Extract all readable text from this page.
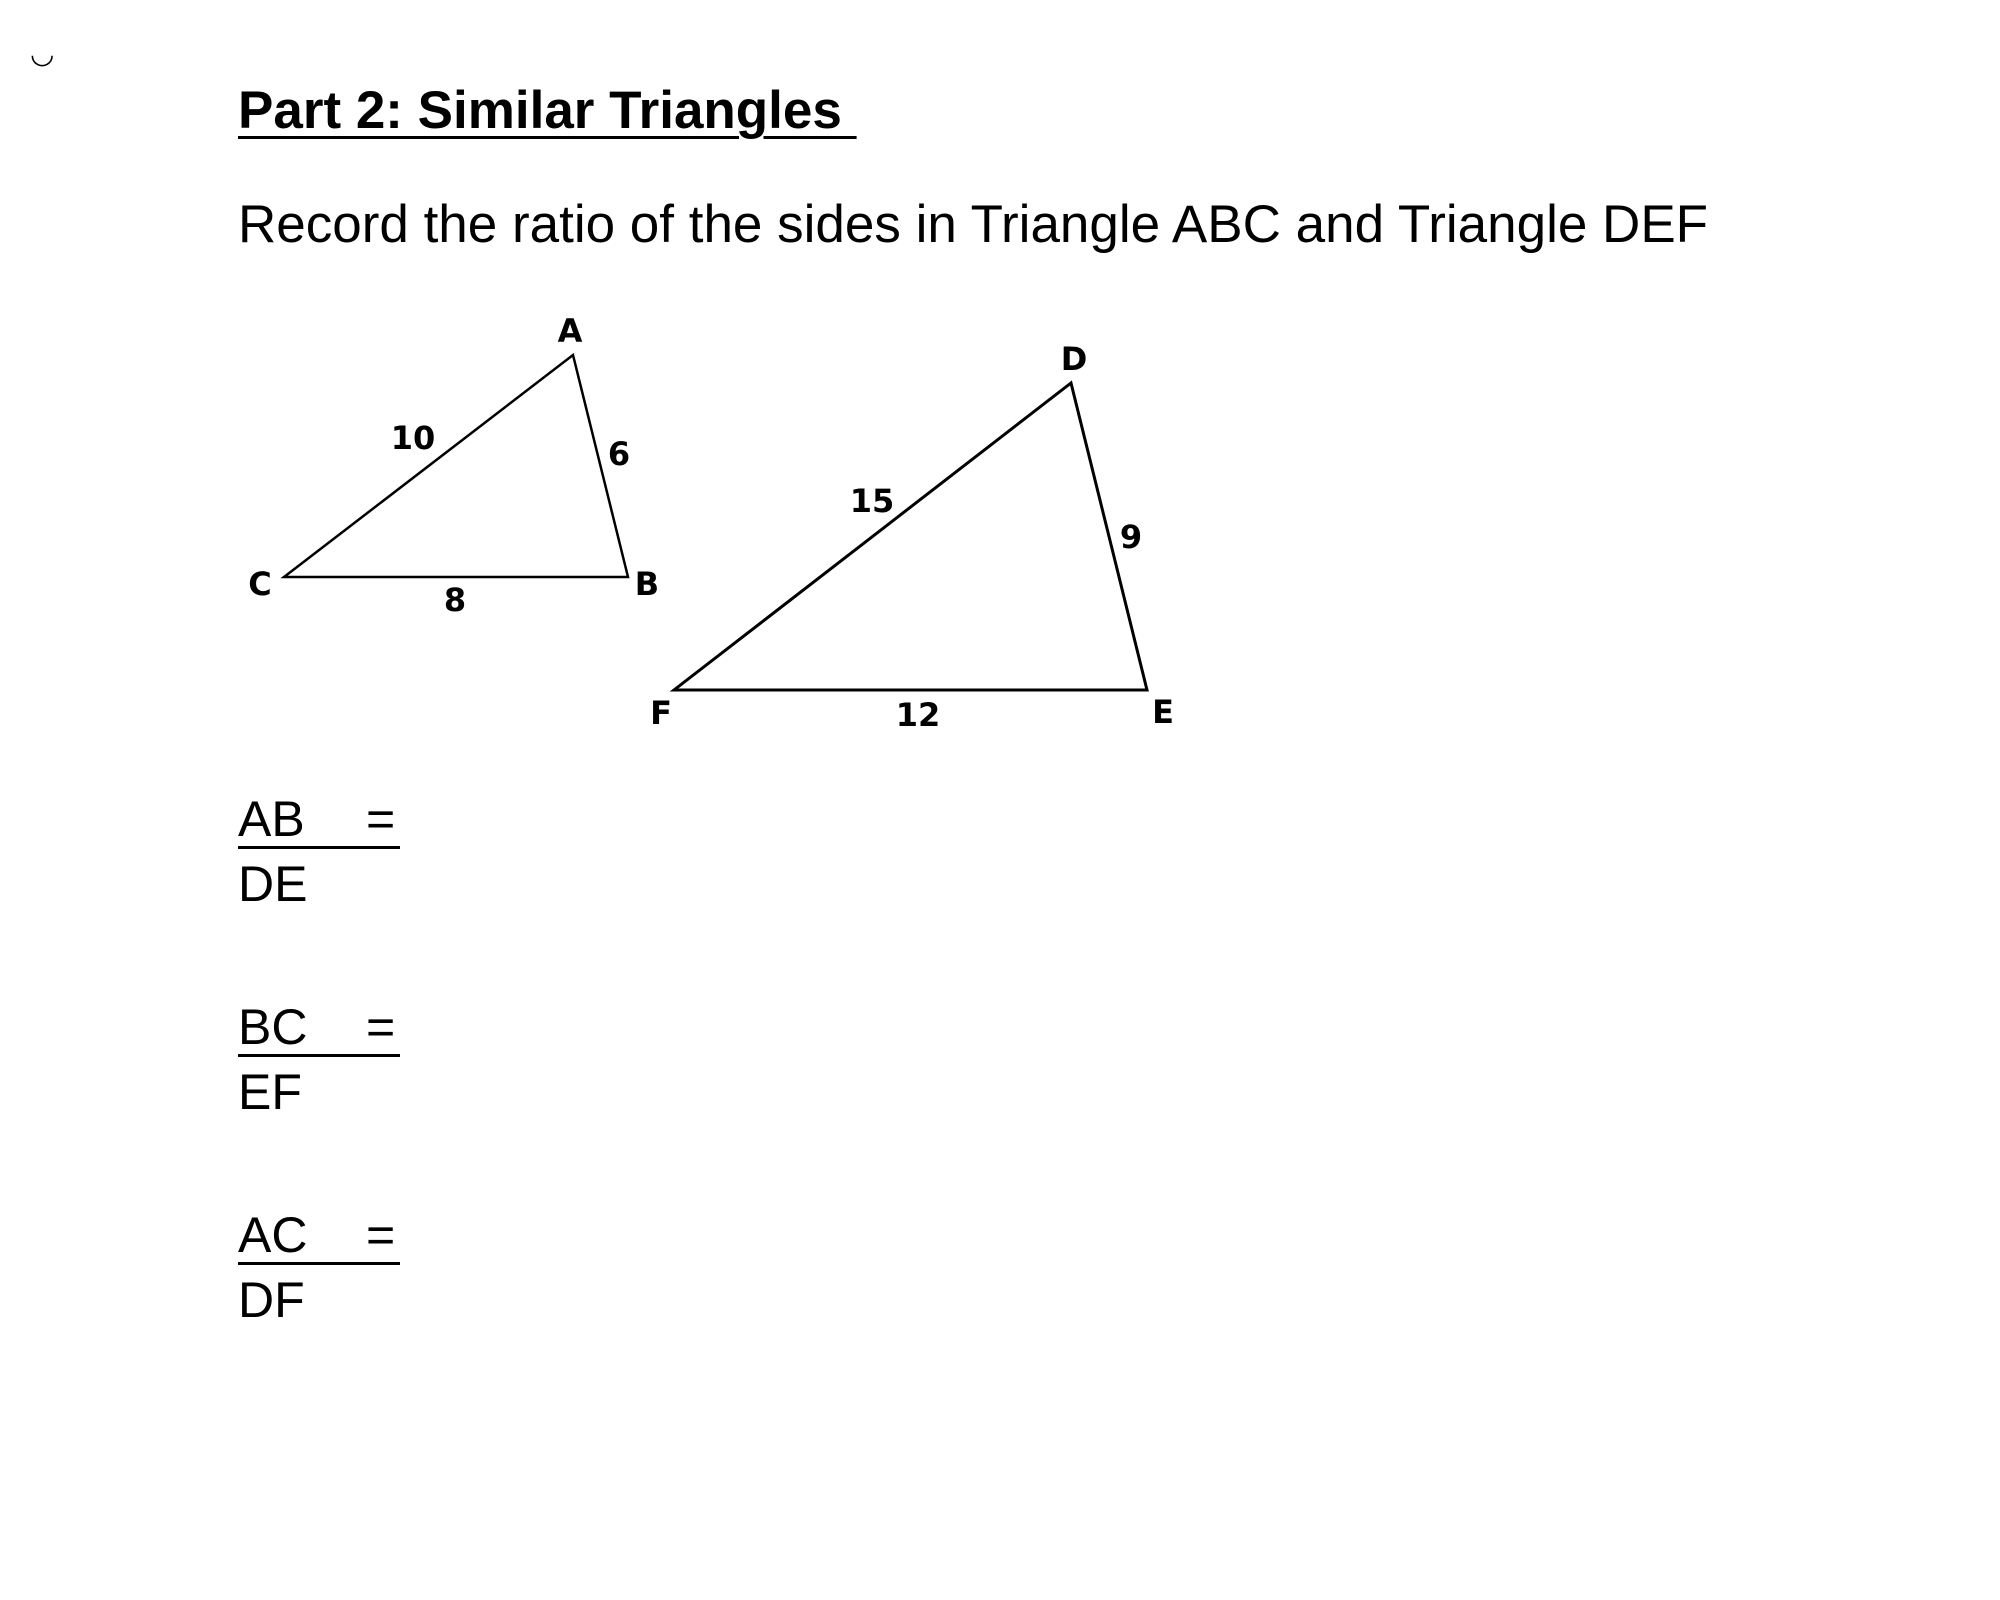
◡
Part 2: Similar Triangles
Record the ratio of the sides in Triangle ABC and Triangle DEF
A
B
C
10	6
8
D
E
F
15
9
12
AB =
DE
BC =
EF
AC =
DF
